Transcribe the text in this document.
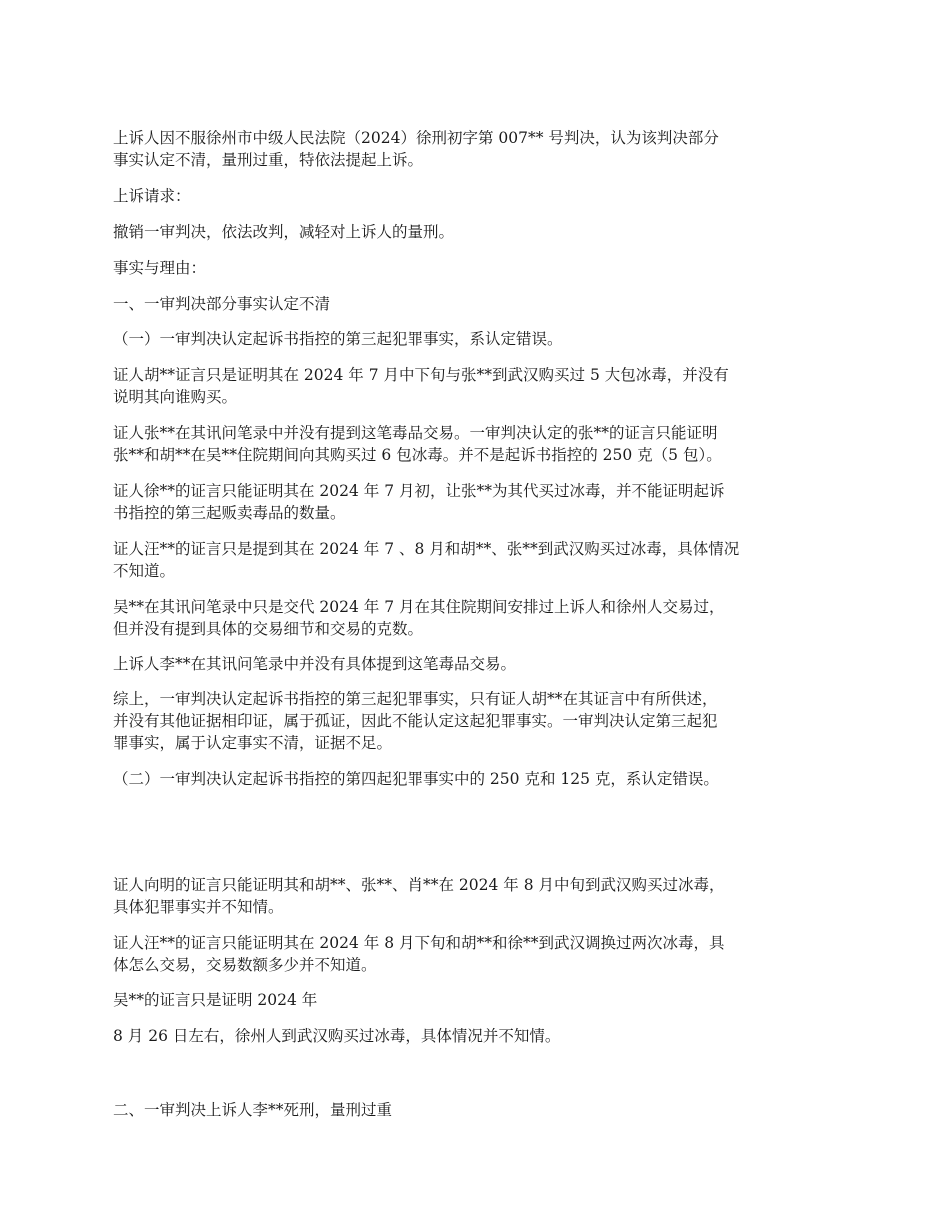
上诉人因不服徐州市中级人民法院（2024）徐刑初字第 007** 号判决，认为该判决部分
事实认定不清，量刑过重，特依法提起上诉。

上诉请求：

撤销一审判决，依法改判，减轻对上诉人的量刑。

事实与理由：

一、一审判决部分事实认定不清

（一）一审判决认定起诉书指控的第三起犯罪事实，系认定错误。

证人胡**证言只是证明其在 2024 年 7 月中下旬与张**到武汉购买过 5 大包冰毒，并没有
说明其向谁购买。

证人张**在其讯问笔录中并没有提到这笔毒品交易。一审判决认定的张**的证言只能证明
张**和胡**在吴**住院期间向其购买过 6 包冰毒。并不是起诉书指控的 250 克（5 包）。

证人徐**的证言只能证明其在 2024 年 7 月初，让张**为其代买过冰毒，并不能证明起诉
书指控的第三起贩卖毒品的数量。

证人汪**的证言只是提到其在 2024 年 7 、8 月和胡**、张**到武汉购买过冰毒，具体情况
不知道。

吴**在其讯问笔录中只是交代 2024 年 7 月在其住院期间安排过上诉人和徐州人交易过，
但并没有提到具体的交易细节和交易的克数。

上诉人李**在其讯问笔录中并没有具体提到这笔毒品交易。

综上，一审判决认定起诉书指控的第三起犯罪事实，只有证人胡**在其证言中有所供述，
并没有其他证据相印证，属于孤证，因此不能认定这起犯罪事实。一审判决认定第三起犯
罪事实，属于认定事实不清，证据不足。

（二）一审判决认定起诉书指控的第四起犯罪事实中的 250 克和 125 克，系认定错误。

证人向明的证言只能证明其和胡**、张**、肖**在 2024 年 8 月中旬到武汉购买过冰毒，
具体犯罪事实并不知情。

证人汪**的证言只能证明其在 2024 年 8 月下旬和胡**和徐**到武汉调换过两次冰毒，具
体怎么交易，交易数额多少并不知道。

吴**的证言只是证明 2024 年

8 月 26 日左右，徐州人到武汉购买过冰毒，具体情况并不知情。

二、一审判决上诉人李**死刑，量刑过重
